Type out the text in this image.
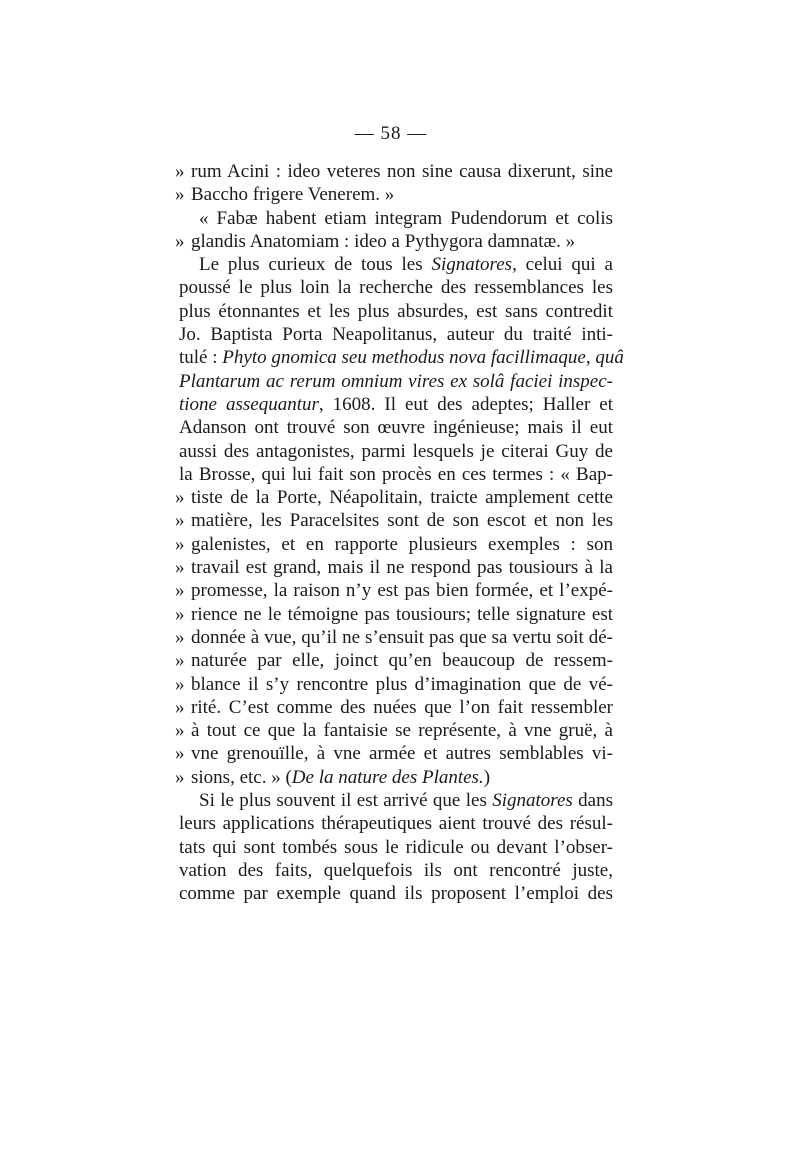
— 58 —
» rum Acini : ideo veteres non sine causa dixerunt, sine
» Baccho frigere Venerem. »
« Fabæ habent etiam integram Pudendorum et colis
» glandis Anatomiam : ideo a Pythygora damnatæ. »
Le plus curieux de tous les Signatores, celui qui a
poussé le plus loin la recherche des ressemblances les
plus étonnantes et les plus absurdes, est sans contredit
Jo. Baptista Porta Neapolitanus, auteur du traité inti-
tulé : Phyto gnomica seu methodus nova facillimaque, quâ
Plantarum ac rerum omnium vires ex solâ faciei inspec-
tione assequantur, 1608. Il eut des adeptes; Haller et
Adanson ont trouvé son œuvre ingénieuse; mais il eut
aussi des antagonistes, parmi lesquels je citerai Guy de
la Brosse, qui lui fait son procès en ces termes : « Bap-
» tiste de la Porte, Néapolitain, traicte amplement cette
» matière, les Paracelsites sont de son escot et non les
» galenistes, et en rapporte plusieurs exemples : son
» travail est grand, mais il ne respond pas tousiours à la
» promesse, la raison n’y est pas bien formée, et l’expé-
» rience ne le témoigne pas tousiours; telle signature est
» donnée à vue, qu’il ne s’ensuit pas que sa vertu soit dé-
» naturée par elle, joinct qu’en beaucoup de ressem-
» blance il s’y rencontre plus d’imagination que de vé-
» rité. C’est comme des nuées que l’on fait ressembler
» à tout ce que la fantaisie se représente, à vne gruë, à
» vne grenouïlle, à vne armée et autres semblables vi-
» sions, etc. » (De la nature des Plantes.)
Si le plus souvent il est arrivé que les Signatores dans
leurs applications thérapeutiques aient trouvé des résul-
tats qui sont tombés sous le ridicule ou devant l’obser-
vation des faits, quelquefois ils ont rencontré juste,
comme par exemple quand ils proposent l’emploi des
